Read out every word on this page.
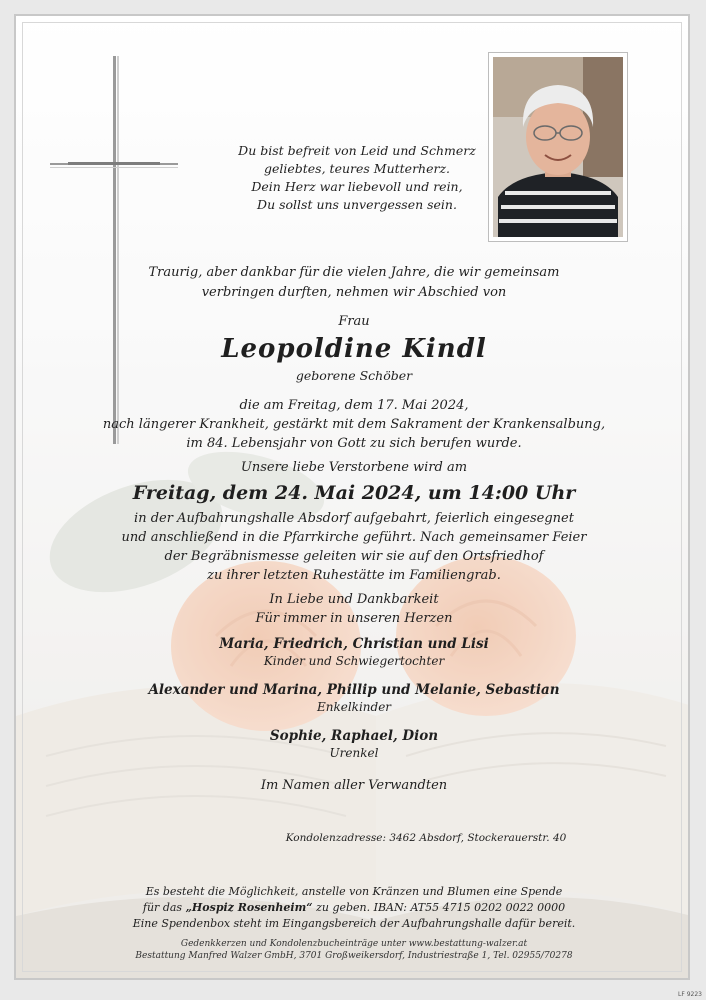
Du bist befreit von Leid und Schmerz
geliebtes, teures Mutterherz.
Dein Herz war liebevoll und rein,
Du sollst uns unvergessen sein.
Traurig, aber dankbar für die vielen Jahre, die wir gemeinsam
verbringen durften, nehmen wir Abschied von
Frau
Leopoldine Kindl
geborene Schöber
die am Freitag, dem 17. Mai 2024,
nach längerer Krankheit, gestärkt mit dem Sakrament der Krankensalbung,
im 84. Lebensjahr von Gott zu sich berufen wurde.
Unsere liebe Verstorbene wird am
Freitag, dem 24. Mai 2024, um 14:00 Uhr
in der Aufbahrungshalle Absdorf aufgebahrt, feierlich eingesegnet
und anschließend in die Pfarrkirche geführt. Nach gemeinsamer Feier
der Begräbnismesse geleiten wir sie auf den Ortsfriedhof
zu ihrer letzten Ruhestätte im Familiengrab.
In Liebe und Dankbarkeit
Für immer in unseren Herzen
Maria, Friedrich, Christian und Lisi
Kinder und Schwiegertochter
Alexander und Marina, Phillip und Melanie, Sebastian
Enkelkinder
Sophie, Raphael, Dion
Urenkel
Im Namen aller Verwandten
Kondolenzadresse: 3462 Absdorf, Stockerauerstr. 40
Es besteht die Möglichkeit, anstelle von Kränzen und Blumen eine Spende
für das „Hospiz Rosenheim“ zu geben. IBAN: AT55 4715 0202 0022 0000
Eine Spendenbox steht im Eingangsbereich der Aufbahrungshalle dafür bereit.
Gedenkkerzen und Kondolenzbucheinträge unter www.bestattung-walzer.at
Bestattung Manfred Walzer GmbH, 3701 Großweikersdorf, Industriestraße 1, Tel. 02955/70278
LF 9223
